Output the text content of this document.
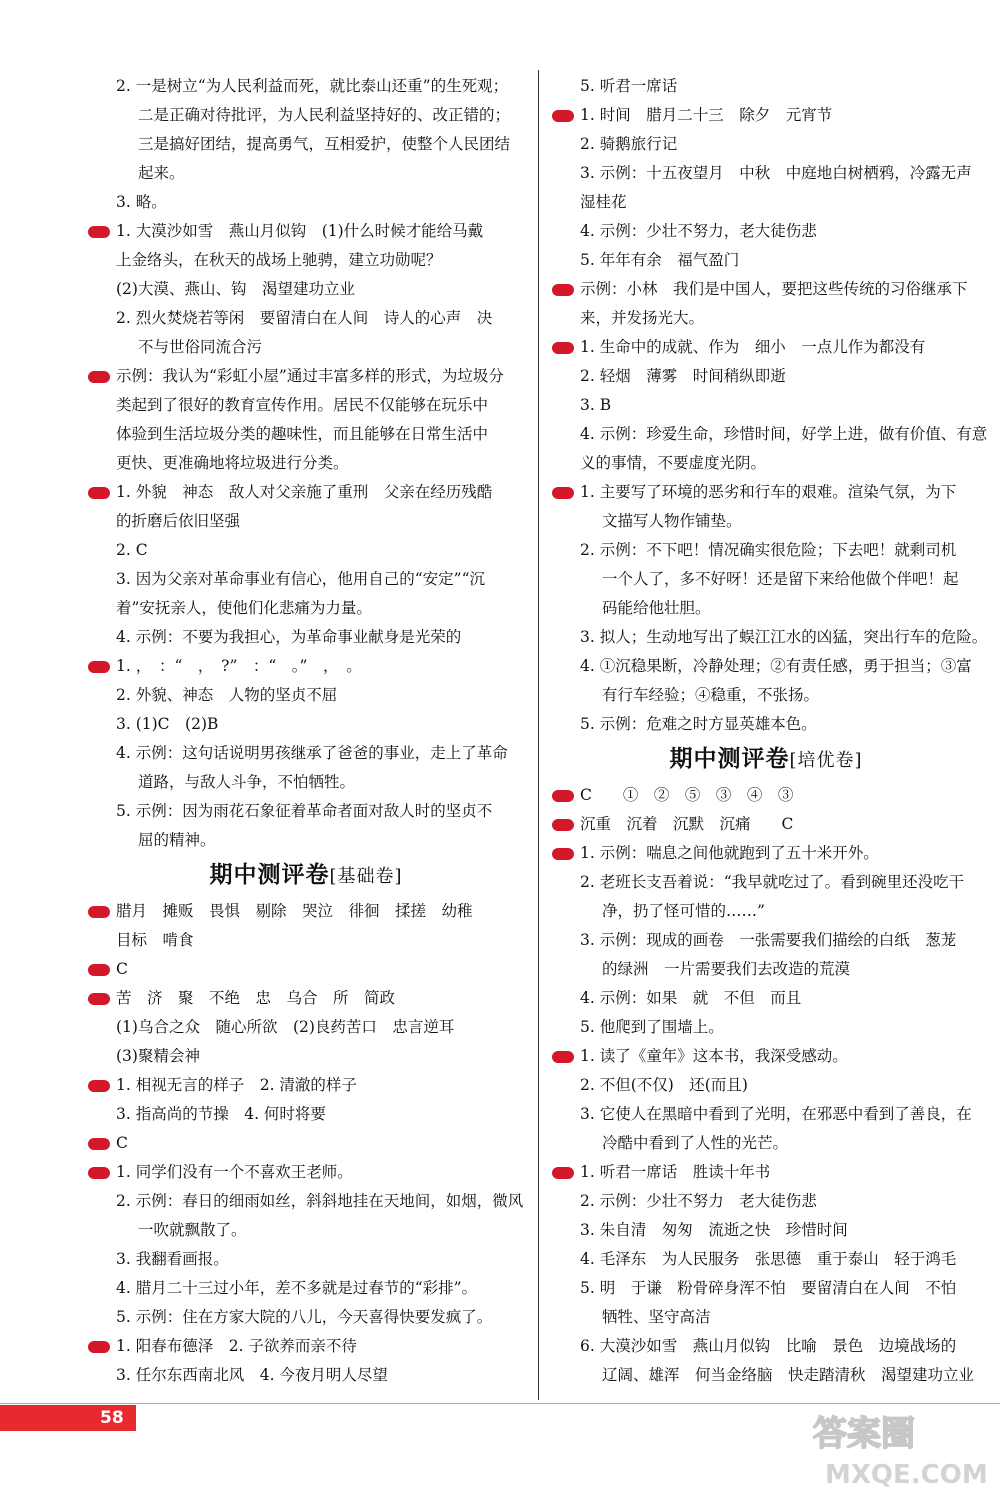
2. 一是树立“为人民利益而死，就比泰山还重”的生死观；
二是正确对待批评，为人民利益坚持好的、改正错的；
三是搞好团结，提高勇气，互相爱护，使整个人民团结
起来。
3. 略。
1. 大漠沙如雪　燕山月似钩　(1)什么时候才能给马戴
上金络头，在秋天的战场上驰骋，建立功勋呢？
(2)大漠、燕山、钩　渴望建功立业
2. 烈火焚烧若等闲　要留清白在人间　诗人的心声　决
不与世俗同流合污
示例：我认为“彩虹小屋”通过丰富多样的形式，为垃圾分
类起到了很好的教育宣传作用。居民不仅能够在玩乐中
体验到生活垃圾分类的趣味性，而且能够在日常生活中
更快、更准确地将垃圾进行分类。
1. 外貌　神态　敌人对父亲施了重刑　父亲在经历残酷
的折磨后依旧坚强
2. C
3. 因为父亲对革命事业有信心，他用自己的“安定”“沉
着”安抚亲人，使他们化悲痛为力量。
4. 示例：不要为我担心，为革命事业献身是光荣的
1. ，　：“　，　?”　：“　。”　，　。
2. 外貌、神态　人物的坚贞不屈
3. (1)C　(2)B
4. 示例：这句话说明男孩继承了爸爸的事业，走上了革命
道路，与敌人斗争，不怕牺牲。
5. 示例：因为雨花石象征着革命者面对敌人时的坚贞不
屈的精神。
期中测评卷[基础卷]
腊月　摊贩　畏惧　剔除　哭泣　徘徊　揉搓　幼稚
目标　啃食
C
苦　济　聚　不绝　忠　乌合　所　简政
(1)乌合之众　随心所欲　(2)良药苦口　忠言逆耳
(3)聚精会神
1. 相视无言的样子　2. 清澈的样子
3. 指高尚的节操　4. 何时将要
C
1. 同学们没有一个不喜欢王老师。
2. 示例：春日的细雨如丝，斜斜地挂在天地间，如烟，微风
一吹就飘散了。
3. 我翻看画报。
4. 腊月二十三过小年，差不多就是过春节的“彩排”。
5. 示例：住在方家大院的八儿，今天喜得快要发疯了。
1. 阳春布德泽　2. 子欲养而亲不待
3. 任尔东西南北风　4. 今夜月明人尽望
5. 听君一席话
1. 时间　腊月二十三　除夕　元宵节
2. 骑鹅旅行记
3. 示例：十五夜望月　中秋　中庭地白树栖鸦，冷露无声
湿桂花
4. 示例：少壮不努力，老大徒伤悲
5. 年年有余　福气盈门
示例：小林　我们是中国人，要把这些传统的习俗继承下
来，并发扬光大。
1. 生命中的成就、作为　细小　一点儿作为都没有
2. 轻烟　薄雾　时间稍纵即逝
3. B
4. 示例：珍爱生命，珍惜时间，好学上进，做有价值、有意
义的事情，不要虚度光阴。
1. 主要写了环境的恶劣和行车的艰难。渲染气氛，为下
文描写人物作铺垫。
2. 示例：不下吧！情况确实很危险；下去吧！就剩司机
一个人了，多不好呀！还是留下来给他做个伴吧！起
码能给他壮胆。
3. 拟人；生动地写出了蜈江江水的凶猛，突出行车的危险。
4. ①沉稳果断，冷静处理；②有责任感，勇于担当；③富
有行车经验；④稳重，不张扬。
5. 示例：危难之时方显英雄本色。
期中测评卷[培优卷]
C　　①　②　⑤　③　④　③
沉重　沉着　沉默　沉痛　　C
1. 示例：喘息之间他就跑到了五十米开外。
2. 老班长支吾着说：“我早就吃过了。看到碗里还没吃干
净，扔了怪可惜的……”
3. 示例：现成的画卷　一张需要我们描绘的白纸　葱茏
的绿洲　一片需要我们去改造的荒漠
4. 示例：如果　就　不但　而且
5. 他爬到了围墙上。
1. 读了《童年》这本书，我深受感动。
2. 不但(不仅)　还(而且)
3. 它使人在黑暗中看到了光明，在邪恶中看到了善良，在
冷酷中看到了人性的光芒。
1. 听君一席话　胜读十年书
2. 示例：少壮不努力　老大徒伤悲
3. 朱自清　匆匆　流逝之快　珍惜时间
4. 毛泽东　为人民服务　张思德　重于泰山　轻于鸿毛
5. 明　于谦　粉骨碎身浑不怕　要留清白在人间　不怕
牺牲、坚守高洁
6. 大漠沙如雪　燕山月似钩　比喻　景色　边境战场的
辽阔、雄浑　何当金络脑　快走踏清秋　渴望建功立业
58	答案圈
MXQE.COM
